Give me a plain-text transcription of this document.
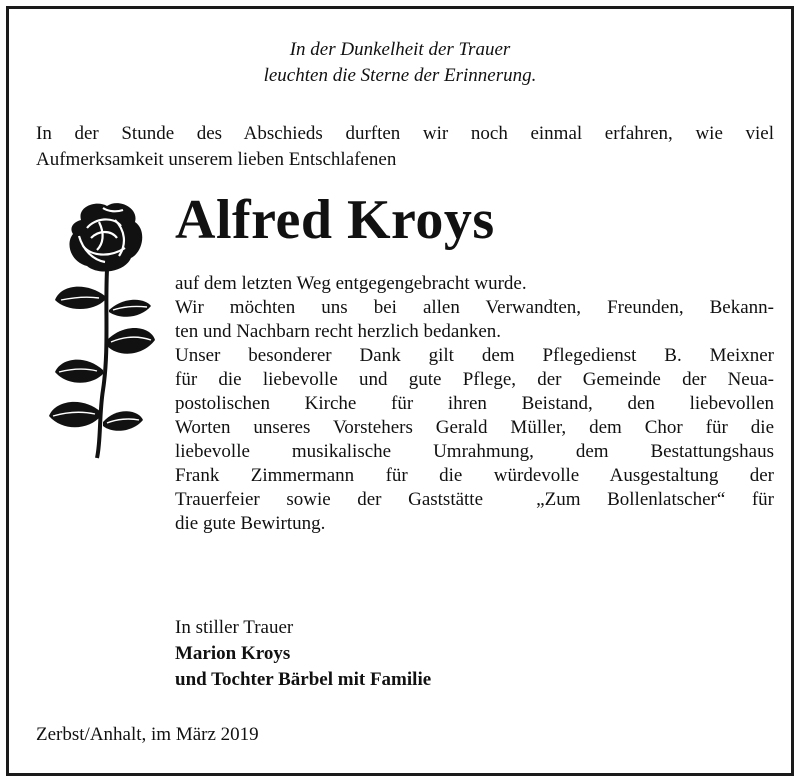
In der Dunkelheit der Trauer
leuchten die Sterne der Erinnerung.
In der Stunde des Abschieds durften wir noch einmal erfahren, wie viel
Aufmerksamkeit unserem lieben Entschlafenen
Alfred Kroys
auf dem letzten Weg entgegengebracht wurde.
Wir möchten uns bei allen Verwandten, Freunden, Bekann-
ten und Nachbarn recht herzlich bedanken.
Unser besonderer Dank gilt dem Pflegedienst B. Meixner
für die liebevolle und gute Pflege, der Gemeinde der Neua-
postolischen Kirche für ihren Beistand, den liebevollen
Worten unseres Vorstehers Gerald Müller, dem Chor für die
liebevolle musikalische Umrahmung, dem Bestattungshaus
Frank Zimmermann für die würdevolle Ausgestaltung der
Trauerfeier sowie der Gaststätte  „Zum Bollenlatscher“ für
die gute Bewirtung.
In stiller Trauer
Marion Kroys
und Tochter Bärbel mit Familie
Zerbst/Anhalt, im März 2019
